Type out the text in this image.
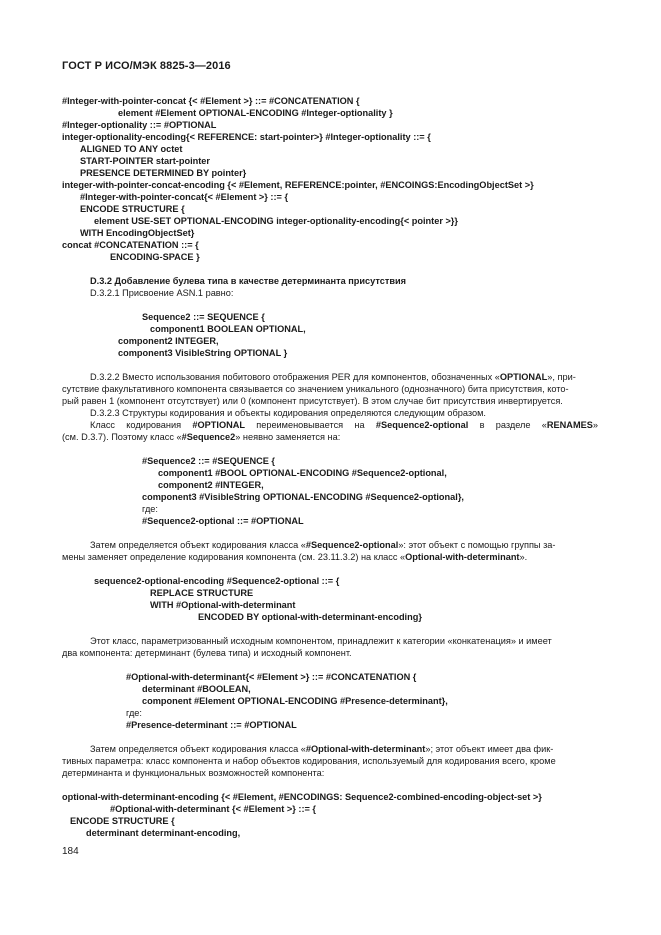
ГОСТ Р ИСО/МЭК 8825-3—2016
#Integer-with-pointer-concat {< #Element >} ::= #CONCATENATION {
element #Element OPTIONAL-ENCODING #Integer-optionality }
#Integer-optionality ::= #OPTIONAL
integer-optionality-encoding{< REFERENCE: start-pointer>} #Integer-optionality ::= {
ALIGNED TO ANY octet
START-POINTER start-pointer
PRESENCE DETERMINED BY pointer}
integer-with-pointer-concat-encoding {< #Element, REFERENCE:pointer, #ENCOINGS:EncodingObjectSet >}
#Integer-with-pointer-concat{< #Element >} ::= {
ENCODE STRUCTURE {
element USE-SET OPTIONAL-ENCODING integer-optionality-encoding{< pointer >}}
WITH EncodingObjectSet}
concat #CONCATENATION ::= {
ENCODING-SPACE }
D.3.2 Добавление булева типа в качестве детерминанта присутствия
D.3.2.1 Присвоение ASN.1 равно:
Sequence2 ::= SEQUENCE {
component1 BOOLEAN OPTIONAL,
component2 INTEGER,
component3 VisibleString OPTIONAL }
D.3.2.2 Вместо использования побитового отображения PER для компонентов, обозначенных «OPTIONAL», при-
сутствие факультативного компонента связывается со значением уникального (однозначного) бита присутствия, кото-
рый равен 1 (компонент отсутствует) или 0 (компонент присутствует). В этом случае бит присутствия инвертируется.
D.3.2.3 Структуры кодирования и объекты кодирования определяются следующим образом.
Класс кодирования #OPTIONAL переименовывается на #Sequence2-optional в разделе «RENAMES»
(см. D.3.7). Поэтому класс «#Sequence2» неявно заменяется на:
#Sequence2 ::= #SEQUENCE {
component1 #BOOL OPTIONAL-ENCODING #Sequence2-optional,
component2 #INTEGER,
component3 #VisibleString OPTIONAL-ENCODING #Sequence2-optional},
где:
#Sequence2-optional ::= #OPTIONAL
Затем определяется объект кодирования класса «#Sequence2-optional»: этот объект с помощью группы за-
мены заменяет определение кодирования компонента (см. 23.11.3.2) на класс «Optional-with-determinant».
sequence2-optional-encoding #Sequence2-optional ::= {
REPLACE STRUCTURE
WITH #Optional-with-determinant
ENCODED BY optional-with-determinant-encoding}
Этот класс, параметризованный исходным компонентом, принадлежит к категории «конкатенация» и имеет
два компонента: детерминант (булева типа) и исходный компонент.
#Optional-with-determinant{< #Element >} ::= #CONCATENATION {
determinant #BOOLEAN,
component #Element OPTIONAL-ENCODING #Presence-determinant},
где:
#Presence-determinant ::= #OPTIONAL
Затем определяется объект кодирования класса «#Optional-with-determinant»; этот объект имеет два фик-
тивных параметра: класс компонента и набор объектов кодирования, используемый для кодирования всего, кроме
детерминанта и функциональных возможностей компонента:
optional-with-determinant-encoding {< #Element, #ENCODINGS: Sequence2-combined-encoding-object-set >}
#Optional-with-determinant {< #Element >} ::= {
ENCODE STRUCTURE {
determinant determinant-encoding,
184
